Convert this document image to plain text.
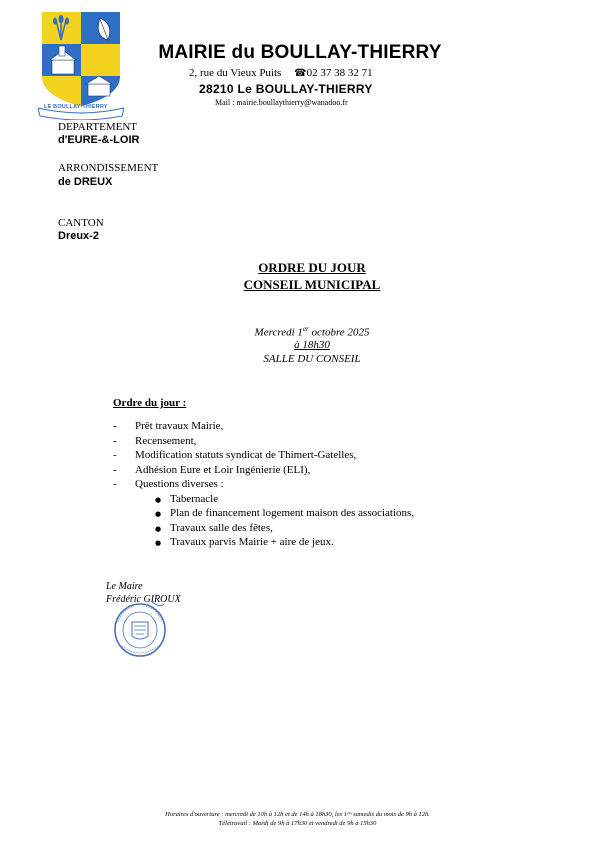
LE BOULLAY-THIERRY
MAIRIE du BOULLAY-THIERRY
2, rue du Vieux Puits ☎02 37 38 32 71
28210 Le BOULLAY-THIERRY
Mail : mairie.boullaythierry@wanadoo.fr
DEPARTEMENT
d'EURE-&-LOIR
ARRONDISSEMENT
de DREUX
CANTON
Dreux-2
ORDRE DU JOUR
CONSEIL MUNICIPAL
Mercredi 1er octobre 2025
à 18h30
SALLE DU CONSEIL
Ordre du jour :
- Prêt travaux Mairie,
- Recensement,
- Modification statuts syndicat de Thimert-Gatelles,
- Adhésion Eure et Loir Ingénierie (ELI),
- Questions diverses :
● Tabernacle
● Plan de financement logement maison des associations,
● Travaux salle des fêtes,
● Travaux parvis Mairie + aire de jeux.
Le Maire
Frédéric GIROUX
Horaires d'ouverture : mercredi de 10h à 12h et de 14h à 18h30, les 1ᵉʳˢ samedis du mois de 9h à 12h.
Télétravail : Mardi de 9h à 17h30 et vendredi de 9h à 15h30
